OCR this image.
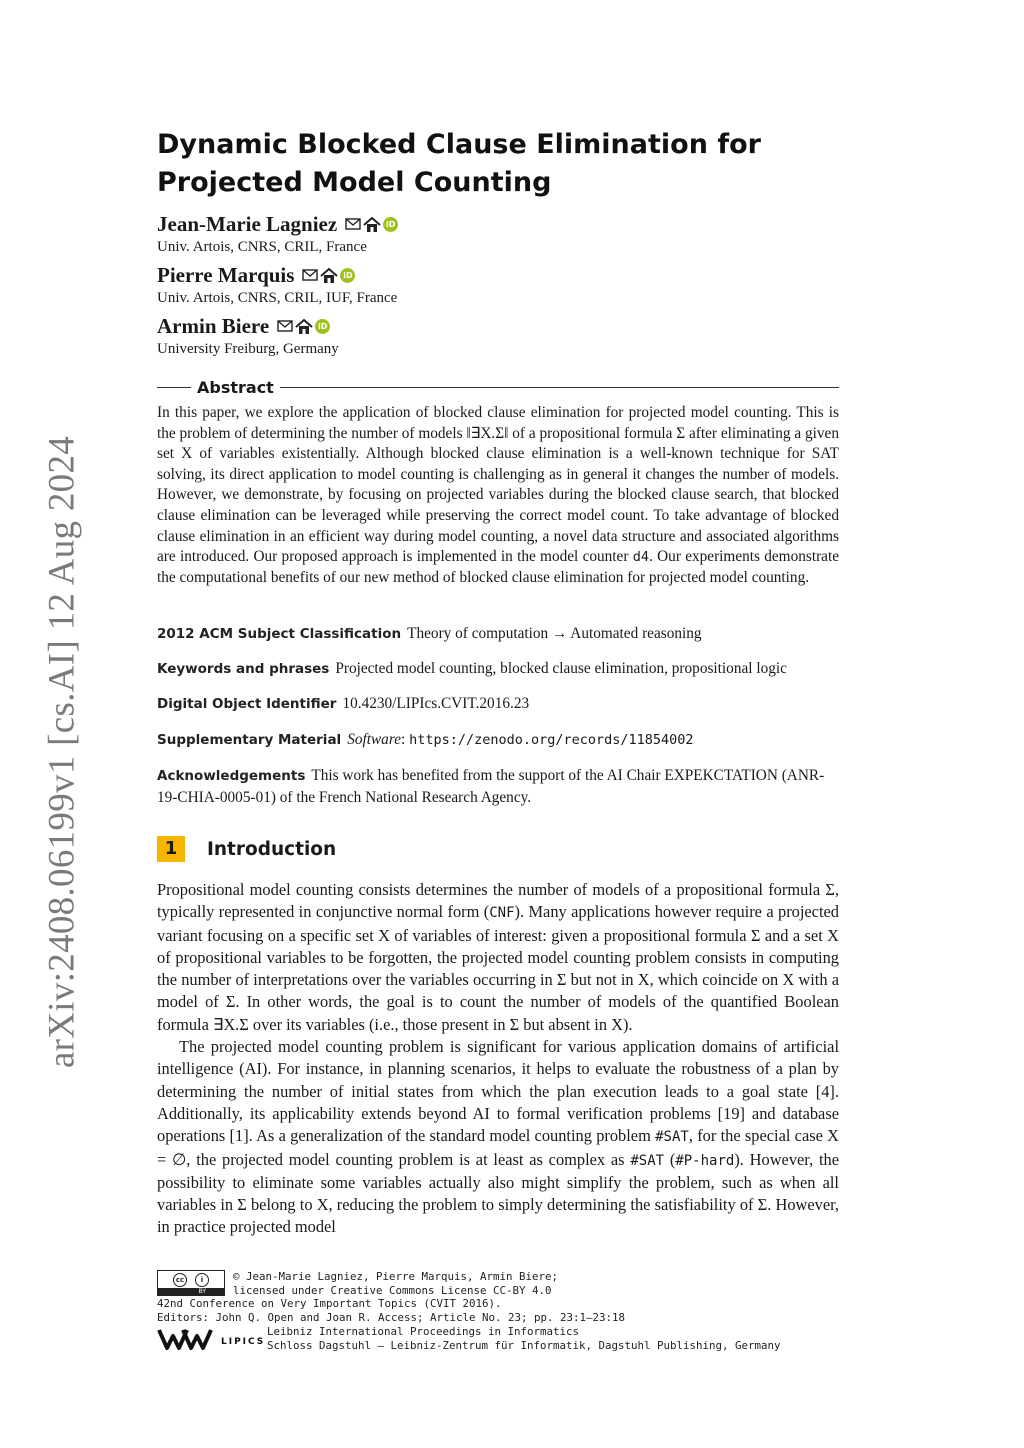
arXiv:2408.06199v1 [cs.AI] 12 Aug 2024
Dynamic Blocked Clause Elimination for Projected Model Counting
Jean-Marie Lagniez	iD
Univ. Artois, CNRS, CRIL, France
Pierre Marquis	iD
Univ. Artois, CNRS, CRIL, IUF, France
Armin Biere	iD
University Freiburg, Germany
Abstract

In this paper, we explore the application of blocked clause elimination for projected model counting. This is the problem of determining the number of models ‖∃X.Σ‖ of a propositional formula Σ after eliminating a given set X of variables existentially. Although blocked clause elimination is a well-known technique for SAT solving, its direct application to model counting is challenging as in general it changes the number of models. However, we demonstrate, by focusing on projected variables during the blocked clause search, that blocked clause elimination can be leveraged while preserving the correct model count. To take advantage of blocked clause elimination in an efficient way during model counting, a novel data structure and associated algorithms are introduced. Our proposed approach is implemented in the model counter d4. Our experiments demonstrate the computational benefits of our new method of blocked clause elimination for projected model counting.

2012 ACM Subject Classification Theory of computation → Automated reasoning
Keywords and phrases Projected model counting, blocked clause elimination, propositional logic
Digital Object Identifier 10.4230/LIPIcs.CVIT.2016.23
Supplementary Material Software: https://zenodo.org/records/11854002
Acknowledgements This work has benefited from the support of the AI Chair EXPEKCTATION (ANR-19-CHIA-0005-01) of the French National Research Agency.
1	Introduction

Propositional model counting consists determines the number of models of a propositional formula Σ, typically represented in conjunctive normal form (CNF). Many applications however require a projected variant focusing on a specific set X of variables of interest: given a propositional formula Σ and a set X of propositional variables to be forgotten, the projected model counting problem consists in computing the number of interpretations over the variables occurring in Σ but not in X, which coincide on X with a model of Σ. In other words, the goal is to count the number of models of the quantified Boolean formula ∃X.Σ over its variables (i.e., those present in Σ but absent in X).

The projected model counting problem is significant for various application domains of artificial intelligence (AI). For instance, in planning scenarios, it helps to evaluate the robustness of a plan by determining the number of initial states from which the plan execution leads to a goal state [4]. Additionally, its applicability extends beyond AI to formal verification problems [19] and database operations [1]. As a generalization of the standard model counting problem #SAT, for the special case X = ∅, the projected model counting problem is at least as complex as #SAT (#P-hard). However, the possibility to eliminate some variables actually also might simplify the problem, such as when all variables in Σ belong to X, reducing the problem to simply determining the satisfiability of Σ. However, in practice projected model

cc	i
BY
© Jean-Marie Lagniez, Pierre Marquis, Armin Biere;
licensed under Creative Commons License CC-BY 4.0
42nd Conference on Very Important Topics (CVIT 2016).
Editors: John Q. Open and Joan R. Access; Article No. 23; pp. 23:1–23:18
LIPICS
Leibniz International Proceedings in Informatics
Schloss Dagstuhl – Leibniz-Zentrum für Informatik, Dagstuhl Publishing, Germany
